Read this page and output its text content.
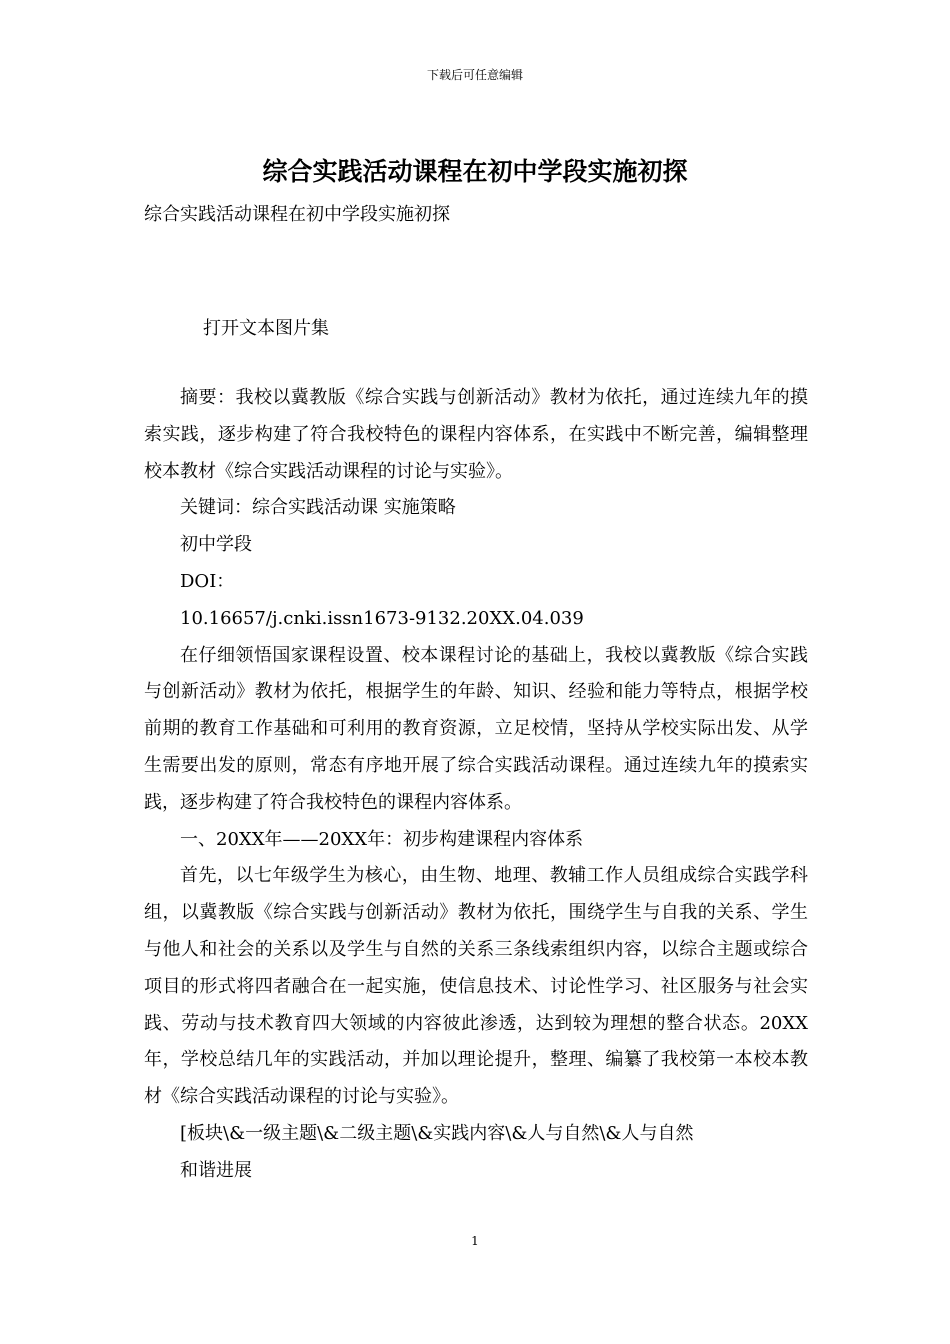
下载后可任意编辑
综合实践活动课程在初中学段实施初探
综合实践活动课程在初中学段实施初探
打开文本图片集

摘要：我校以冀教版《综合实践与创新活动》教材为依托，通过连续九年的摸索实践，逐步构建了符合我校特色的课程内容体系，在实践中不断完善，编辑整理校本教材《综合实践活动课程的讨论与实验》。

关键词：综合实践活动课 实施策略

初中学段

DOI：

10.16657/j.cnki.issn1673-9132.20XX.04.039

在仔细领悟国家课程设置、校本课程讨论的基础上，我校以冀教版《综合实践与创新活动》教材为依托，根据学生的年龄、知识、经验和能力等特点，根据学校前期的教育工作基础和可利用的教育资源，立足校情，坚持从学校实际出发、从学生需要出发的原则，常态有序地开展了综合实践活动课程。通过连续九年的摸索实践，逐步构建了符合我校特色的课程内容体系。

一、20XX年——20XX年：初步构建课程内容体系

首先，以七年级学生为核心，由生物、地理、教辅工作人员组成综合实践学科组，以冀教版《综合实践与创新活动》教材为依托，围绕学生与自我的关系、学生与他人和社会的关系以及学生与自然的关系三条线索组织内容，以综合主题或综合项目的形式将四者融合在一起实施，使信息技术、讨论性学习、社区服务与社会实践、劳动与技术教育四大领域的内容彼此渗透，达到较为理想的整合状态。20XX年，学校总结几年的实践活动，并加以理论提升，整理、编纂了我校第一本校本教材《综合实践活动课程的讨论与实验》。

[板块\&一级主题\&二级主题\&实践内容\&人与自然\&人与自然

和谐进展

1
